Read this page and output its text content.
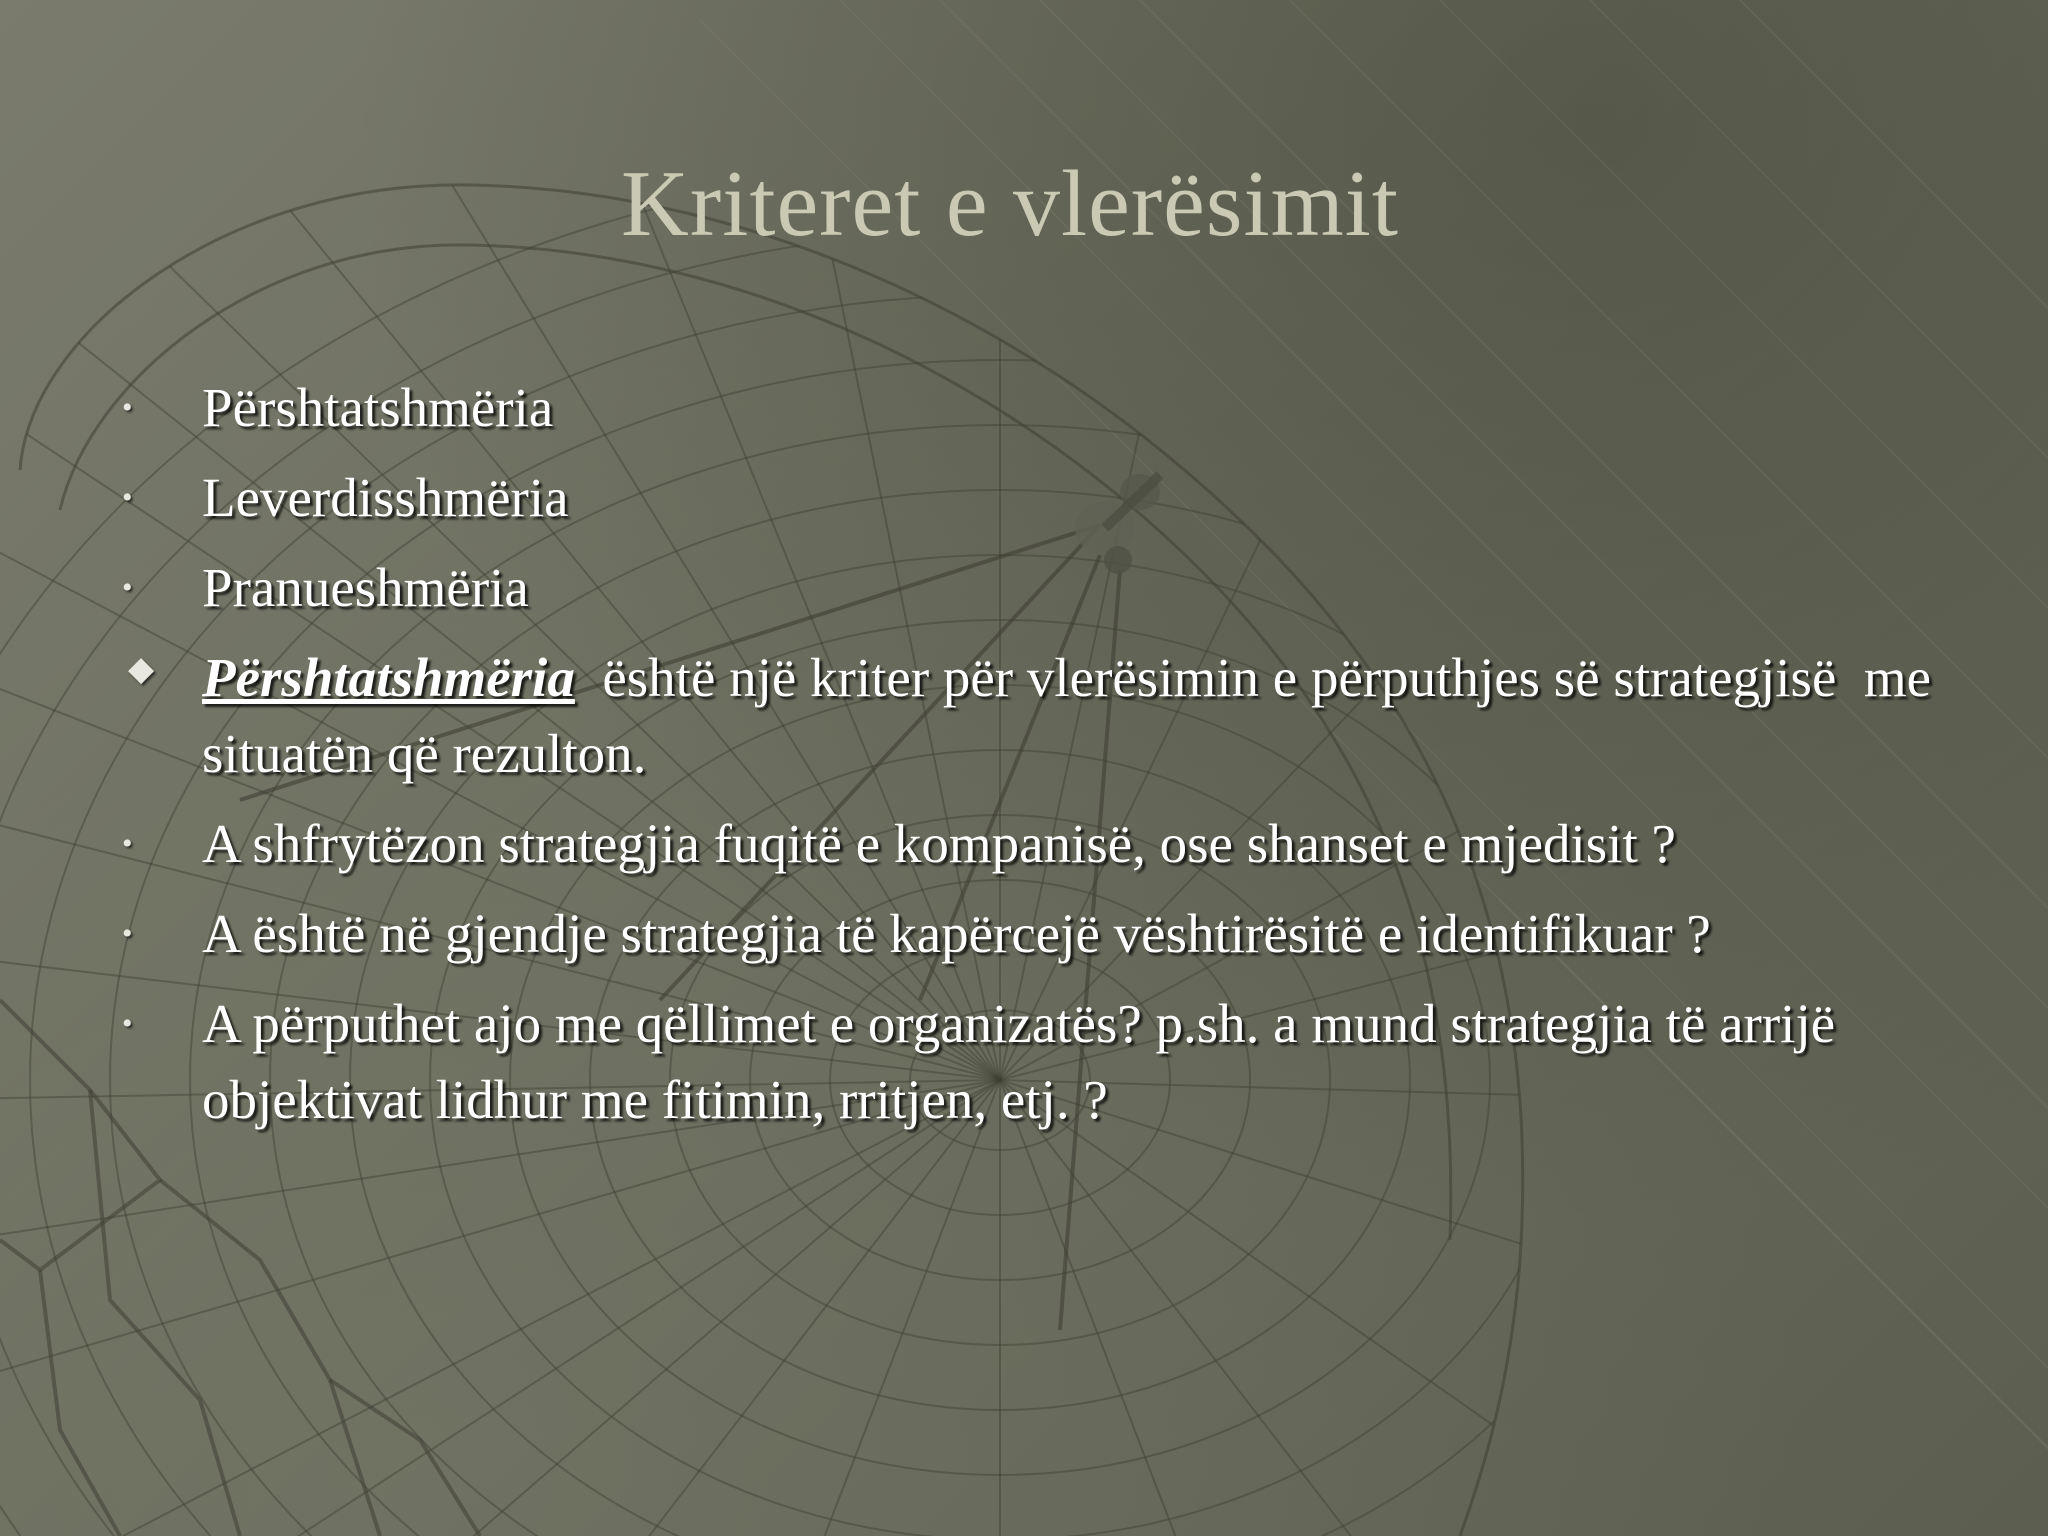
Kriteret e vlerësimit
•	Përshtatshmëria
•	Leverdisshmëria
•	Pranueshmëria
◆ Përshtatshmëria  është një kriter për vlerësimin e përputhjes së strategjisë  me situatën që rezulton.
•	A shfrytëzon strategjia fuqitë e kompanisë, ose shanset e mjedisit ?
•	A është në gjendje strategjia të kapërcejë vështirësitë e identifikuar ?
•	A përputhet ajo me qëllimet e organizatës? p.sh. a mund strategjia të arrijë objektivat lidhur me fitimin, rritjen, etj. ?
